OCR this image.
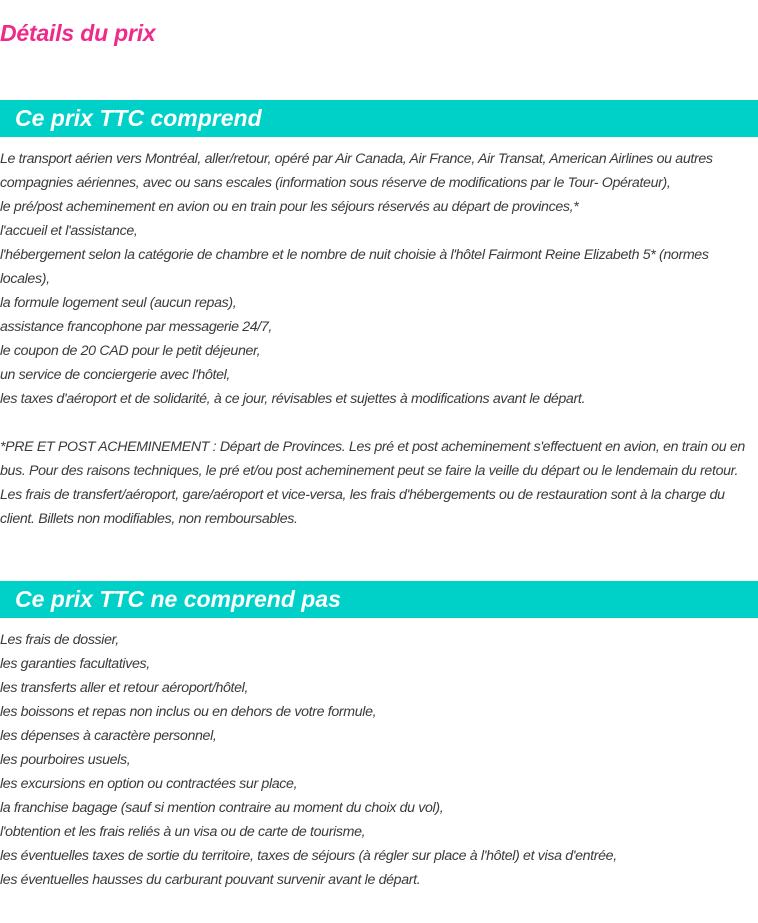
Détails du prix
Ce prix TTC comprend
Le transport aérien vers Montréal, aller/retour, opéré par Air Canada, Air France, Air Transat, American Airlines ou autres compagnies aériennes, avec ou sans escales (information sous réserve de modifications par le Tour- Opérateur),
le pré/post acheminement en avion ou en train pour les séjours réservés au départ de provinces,*
l'accueil et l'assistance,
l'hébergement selon la catégorie de chambre et le nombre de nuit choisie à l'hôtel Fairmont Reine Elizabeth 5* (normes locales),
la formule logement seul (aucun repas),
assistance francophone par messagerie 24/7,
le coupon de 20 CAD pour le petit déjeuner,
un service de conciergerie avec l'hôtel,
les taxes d'aéroport et de solidarité, à ce jour, révisables et sujettes à modifications avant le départ.

*PRE ET POST ACHEMINEMENT : Départ de Provinces. Les pré et post acheminement s'effectuent en avion, en train ou en bus. Pour des raisons techniques, le pré et/ou post acheminement peut se faire la veille du départ ou le lendemain du retour. Les frais de transfert/aéroport, gare/aéroport et vice-versa, les frais d'hébergements ou de restauration sont à la charge du client. Billets non modifiables, non remboursables.

Ce prix TTC ne comprend pas
Les frais de dossier,
les garanties facultatives,
les transferts aller et retour aéroport/hôtel,
les boissons et repas non inclus ou en dehors de votre formule,
les dépenses à caractère personnel,
les pourboires usuels,
les excursions en option ou contractées sur place,
la franchise bagage (sauf si mention contraire au moment du choix du vol),
l'obtention et les frais reliés à un visa ou de carte de tourisme,
les éventuelles taxes de sortie du territoire, taxes de séjours (à régler sur place à l'hôtel) et visa d'entrée,
les éventuelles hausses du carburant pouvant survenir avant le départ.
